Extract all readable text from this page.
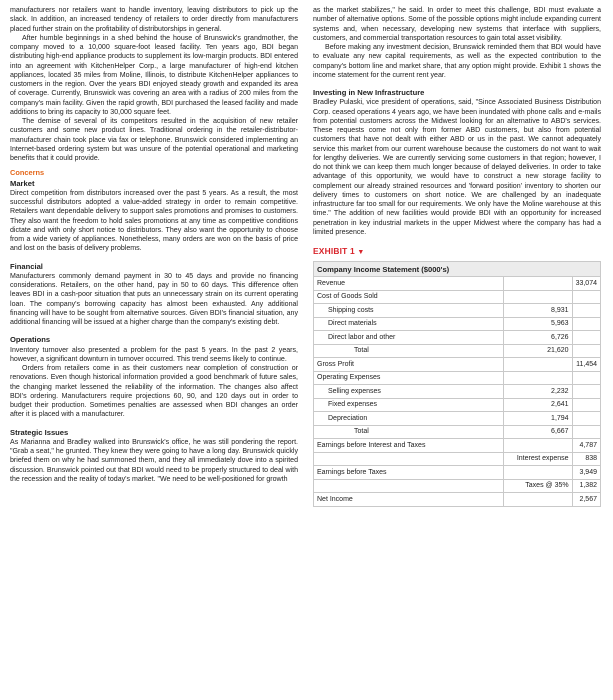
manufacturers nor retailers want to handle inventory, leaving distributors to pick up the slack. In addition, an increased tendency of retailers to order directly from manufacturers placed further strain on the profitability of distributorships in general.

After humble beginnings in a shed behind the house of Brunswick's grandmother, the company moved to a 10,000 square-foot leased facility. Ten years ago, BDI began distributing high-end appliance products to supplement its low-margin products. BDI entered into an agreement with KitchenHelper Corp., a large manufacturer of high-end kitchen appliances, located 35 miles from Moline, Illinois, to distribute KitchenHelper appliances to customers in the region. Over the years BDI enjoyed steady growth and expanded its area of coverage. Currently, Brunswick was covering an area with a radius of 200 miles from the company's main facility. Given the rapid growth, BDI purchased the leased facility and made additions to bring its capacity to 30,000 square feet.

The demise of several of its competitors resulted in the acquisition of new retailer customers and some new product lines. Traditional ordering in the retailer-distributor-manufacturer chain took place via fax or telephone. Brunswick considered implementing an Internet-based ordering system but was unsure of the potential operational and marketing benefits that it could provide.

Concerns
Market

Direct competition from distributors increased over the past 5 years. As a result, the most successful distributors adopted a value-added strategy in order to remain competitive. Retailers want dependable delivery to support sales promotions and promises to customers. They also want the freedom to hold sales promotions at any time as competitive conditions dictate and with only short notice to distributors. They also want the opportunity to choose from a wide variety of appliances. Nonetheless, many orders are won on the basis of price and lost on the basis of delivery problems.

Financial

Manufacturers commonly demand payment in 30 to 45 days and provide no financing considerations. Retailers, on the other hand, pay in 50 to 60 days. This difference often leaves BDI in a cash-poor situation that puts an unnecessary strain on its current operating loan. The company's borrowing capacity has almost been exhausted. Any additional financing will have to be sought from alternative sources. Given BDI's financial situation, any additional financing will be issued at a higher charge than the company's existing debt.

Operations

Inventory turnover also presented a problem for the past 5 years. In the past 2 years, however, a significant downturn in turnover occurred. This trend seems likely to continue.

Orders from retailers come in as their customers near completion of construction or renovations. Even though historical information provided a good benchmark of future sales, the changing market lessened the reliability of the information. The changes also affect BDI's ordering. Manufacturers require projections 60, 90, and 120 days out in order to budget their production. Sometimes penalties are assessed when BDI changes an order after it is placed with a manufacturer.

Strategic Issues

As Marianna and Bradley walked into Brunswick's office, he was still pondering the report. "Grab a seat," he grunted. They knew they were going to have a long day. Brunswick quickly briefed them on why he had summoned them, and they all immediately dove into a spirited discussion. Brunswick pointed out that BDI would need to be properly structured to deal with the recession and the reality of today's market. "We need to be well-positioned for growth

as the market stabilizes," he said. In order to meet this challenge, BDI must evaluate a number of alternative options. Some of the possible options might include expanding current systems and, when necessary, developing new systems that interface with suppliers, customers, and commercial transportation resources to gain total asset visibility.

Before making any investment decision, Brunswick reminded them that BDI would have to evaluate any new capital requirements, as well as the expected contribution to the company's bottom line and market share, that any option might provide. Exhibit 1 shows the income statement for the current rent year.

Investing in New Infrastructure

Bradley Pulaski, vice president of operations, said, "Since Associated Business Distribution Corp. ceased operations 4 years ago, we have been inundated with phone calls and e-mails from potential customers across the Midwest looking for an alternative to ABD's services. These requests come not only from former ABD customers, but also from potential customers that have not dealt with either ABD or us in the past. We cannot adequately service this market from our current warehouse because the customers do not want to wait for lengthy deliveries. We are currently servicing some customers in that region; however, I do not think we can keep them much longer because of delayed deliveries. In order to take advantage of this opportunity, we would have to construct a new storage facility to complement our already strained resources and 'forward position' inventory to shorten our delivery times to customers on short notice. We are challenged by an inadequate infrastructure far too small for our requirements. We only have the Moline warehouse at this time." The addition of new facilities would provide BDI with an opportunity for increased penetration in key industrial markets in the upper Midwest where the company has had a limited presence.

EXHIBIT 1 ▼
Company Income Statement ($000's)		
Revenue		33,074
Cost of Goods Sold		
Shipping costs	8,931	
Direct materials	5,963	
Direct labor and other	6,726	
Total	21,620	
Gross Profit		11,454
Operating Expenses		
Selling expenses	2,232	
Fixed expenses	2,641	
Depreciation	1,794	
Total	6,667	
Earnings before Interest and Taxes		4,787
	Interest expense	838
Earnings before Taxes		3,949
	Taxes @ 35%	1,382
Net Income		2,567
